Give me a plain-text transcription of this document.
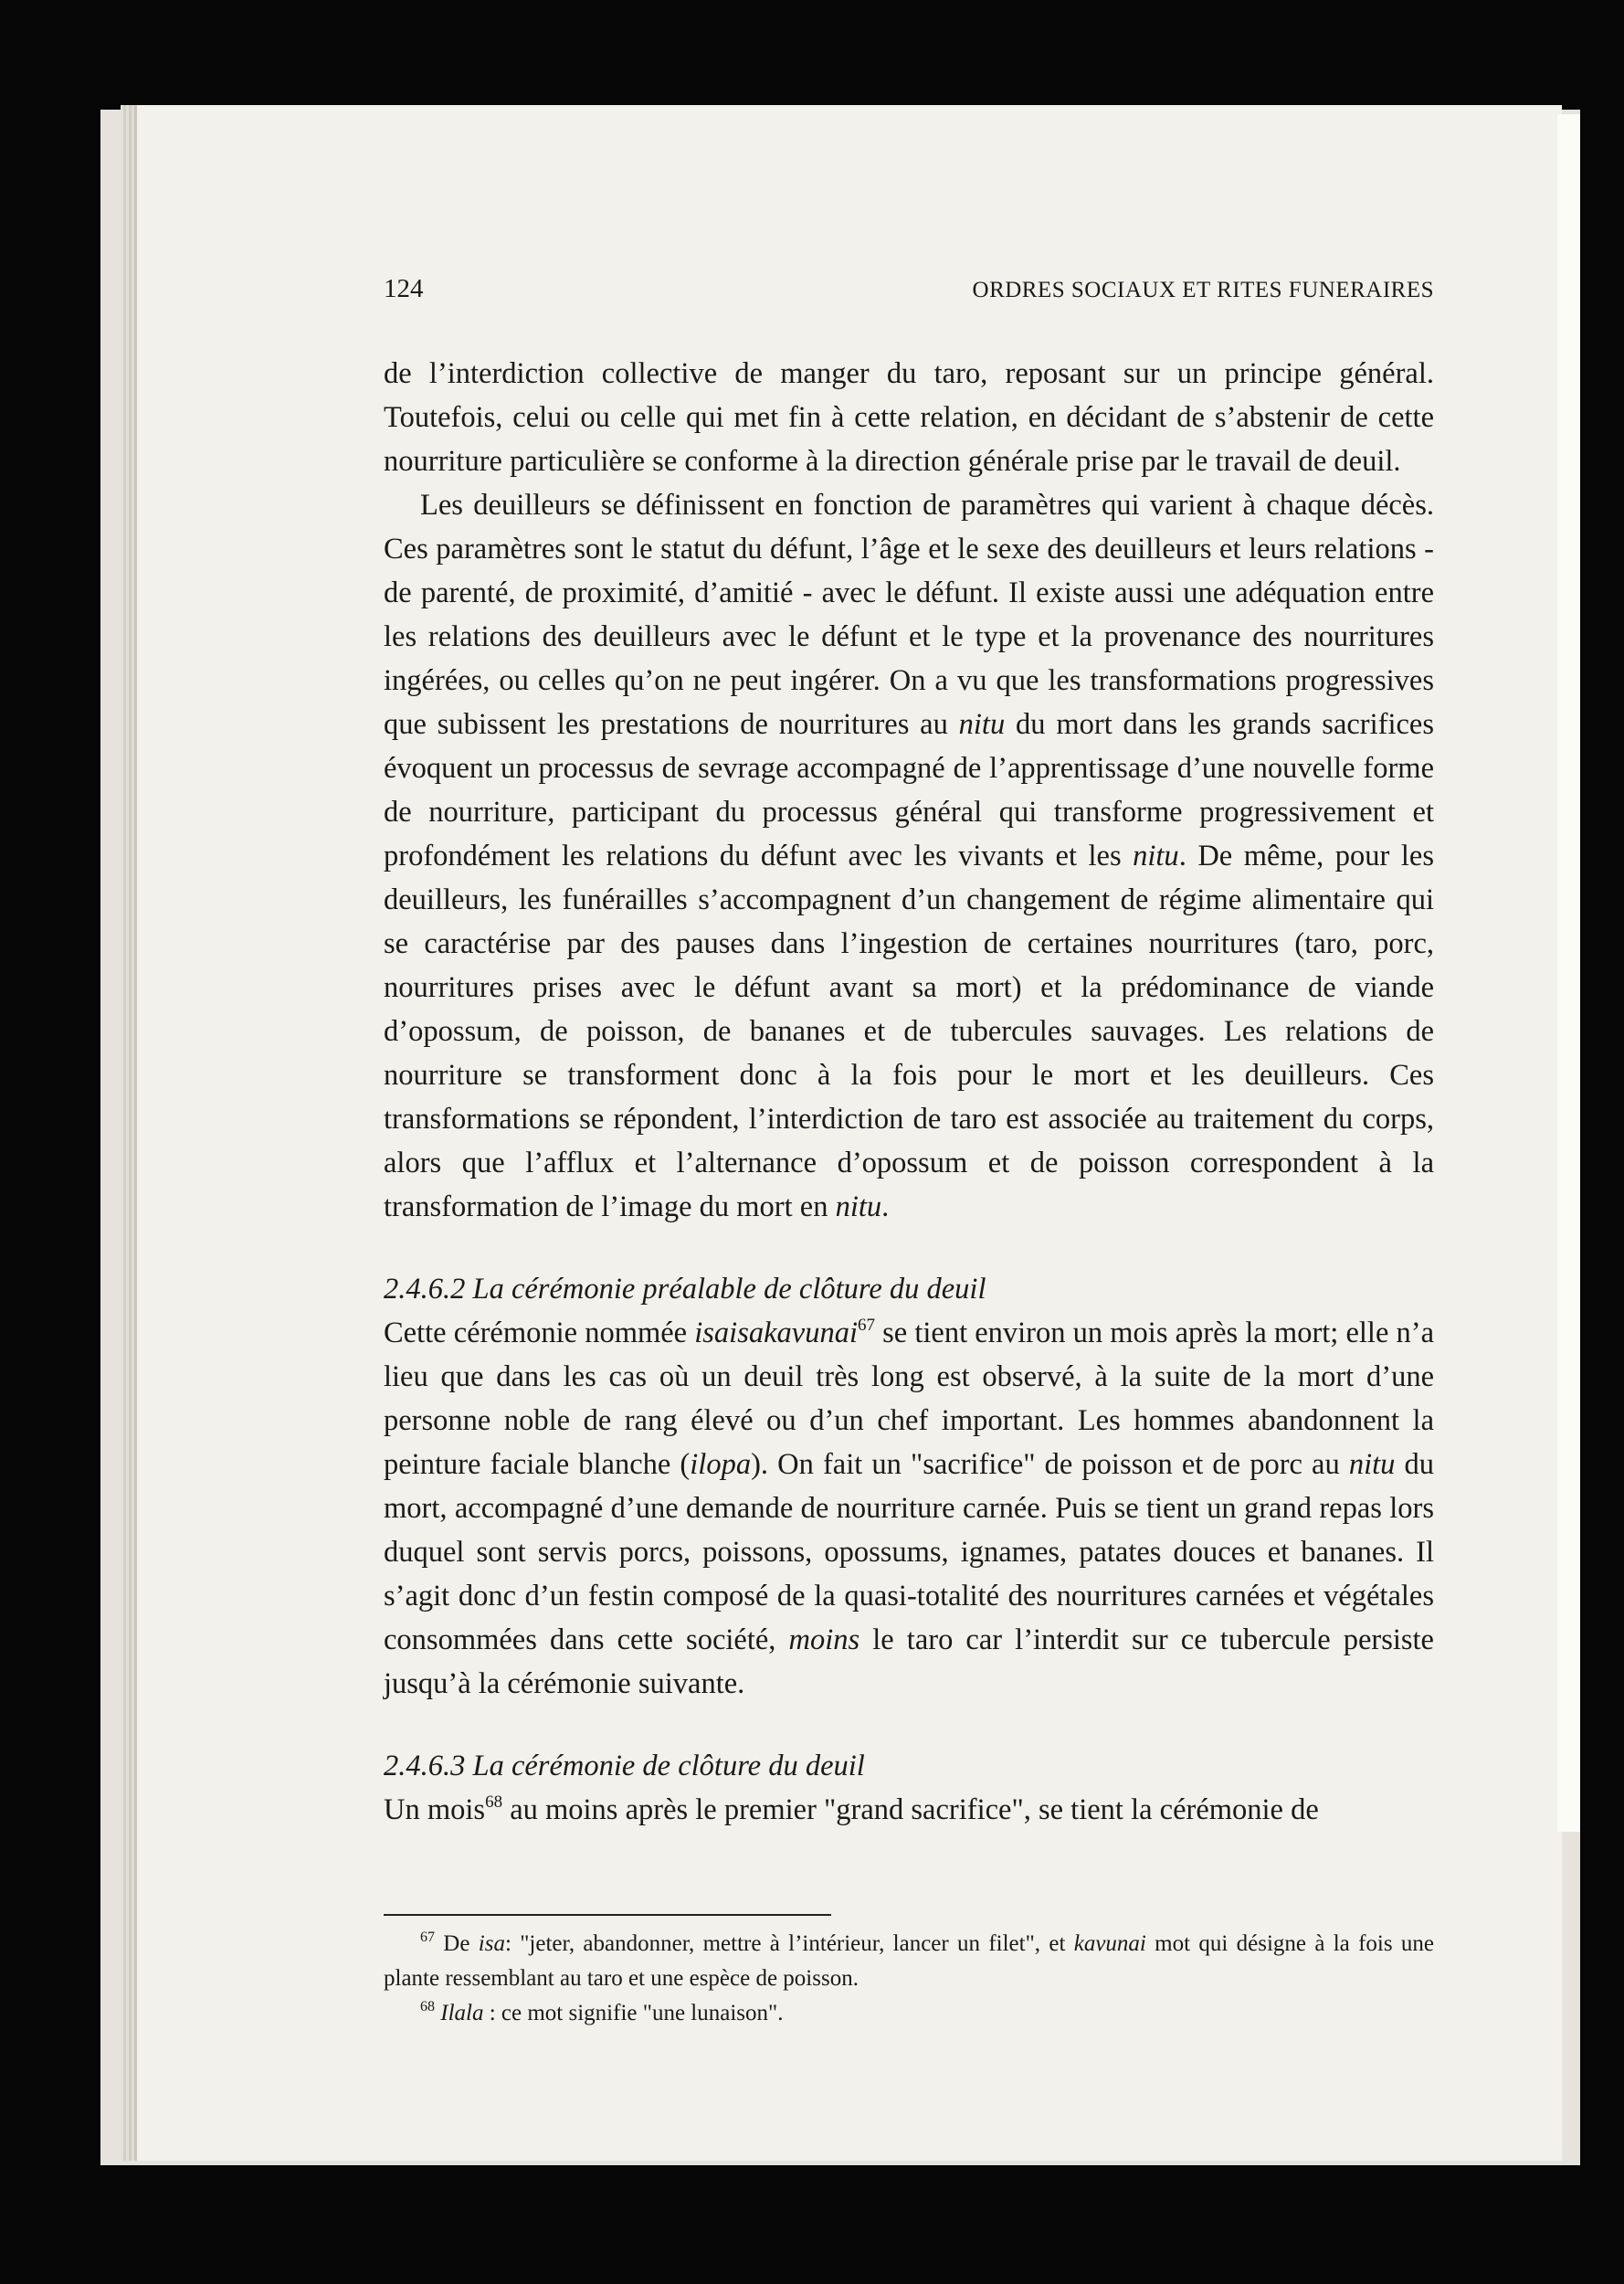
124	ORDRES SOCIAUX ET RITES FUNERAIRES

de l’interdiction collective de manger du taro, reposant sur un principe général. Toutefois, celui ou celle qui met fin à cette relation, en décidant de s’abstenir de cette nourriture particulière se conforme à la direction générale prise par le travail de deuil.

Les deuilleurs se définissent en fonction de paramètres qui varient à chaque décès. Ces paramètres sont le statut du défunt, l’âge et le sexe des deuilleurs et leurs relations - de parenté, de proximité, d’amitié - avec le défunt. Il existe aussi une adéquation entre les relations des deuilleurs avec le défunt et le type et la provenance des nourritures ingérées, ou celles qu’on ne peut ingérer. On a vu que les transformations progressives que subissent les prestations de nourritures au nitu du mort dans les grands sacrifices évoquent un processus de sevrage accompagné de l’apprentissage d’une nouvelle forme de nourriture, participant du processus général qui transforme progressivement et profondément les relations du défunt avec les vivants et les nitu. De même, pour les deuilleurs, les funérailles s’accompagnent d’un changement de régime alimentaire qui se caractérise par des pauses dans l’ingestion de certaines nourritures (taro, porc, nourritures prises avec le défunt avant sa mort) et la prédominance de viande d’opossum, de poisson, de bananes et de tubercules sauvages. Les relations de nourriture se transforment donc à la fois pour le mort et les deuilleurs. Ces transformations se répondent, l’interdiction de taro est associée au traitement du corps, alors que l’afflux et l’alternance d’opossum et de poisson correspondent à la transformation de l’image du mort en nitu.

2.4.6.2 La cérémonie préalable de clôture du deuil

Cette cérémonie nommée isaisakavunai$^{67}$ se tient environ un mois après la mort; elle n’a lieu que dans les cas où un deuil très long est observé, à la suite de la mort d’une personne noble de rang élevé ou d’un chef important. Les hommes abandonnent la peinture faciale blanche (ilopa). On fait un "sacrifice" de poisson et de porc au nitu du mort, accompagné d’une demande de nourriture carnée. Puis se tient un grand repas lors duquel sont servis porcs, poissons, opossums, ignames, patates douces et bananes. Il s’agit donc d’un festin composé de la quasi-totalité des nourritures carnées et végétales consommées dans cette société, moins le taro car l’interdit sur ce tubercule persiste jusqu’à la cérémonie suivante.

2.4.6.3 La cérémonie de clôture du deuil

Un mois$^{68}$ au moins après le premier "grand sacrifice", se tient la cérémonie de

$^{67}$ De isa: "jeter, abandonner, mettre à l’intérieur, lancer un filet", et kavunai mot qui désigne à la fois une plante ressemblant au taro et une espèce de poisson.

$^{68}$ Ilala : ce mot signifie "une lunaison".
